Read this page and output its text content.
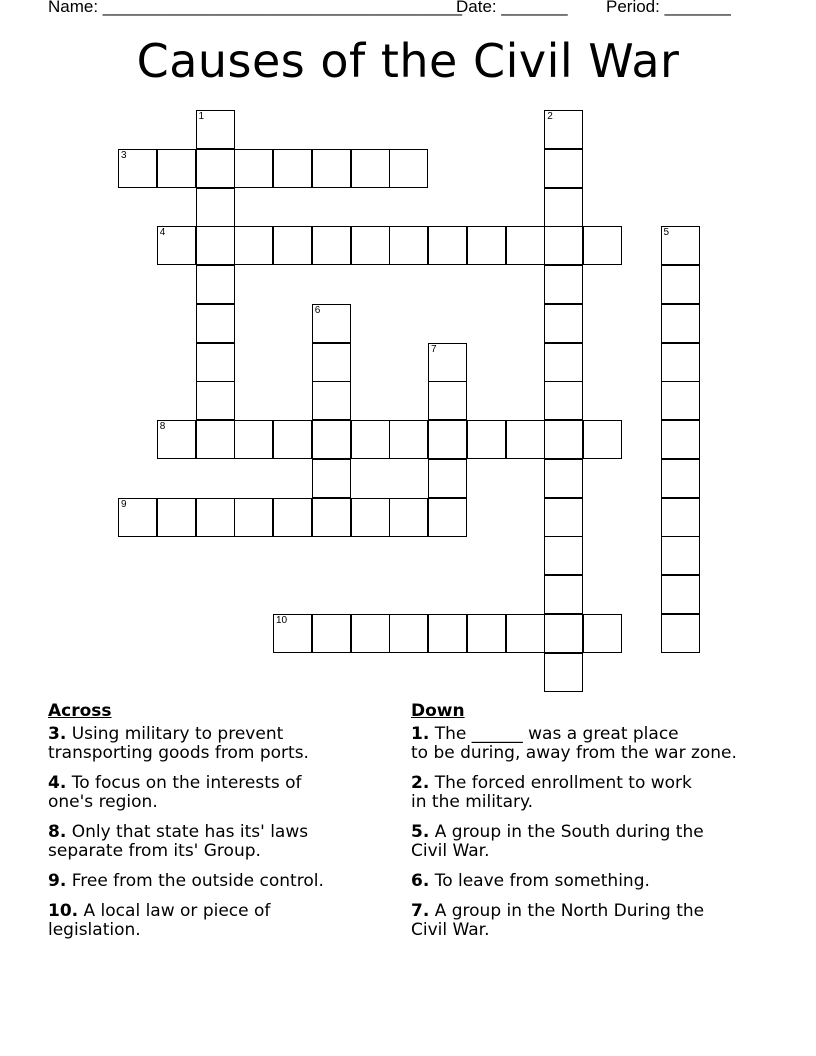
Name: ______________________________________
Date: _______ Period: _______
Causes of the Civil War
1	2
3
4	5
6
7
8
9
10
Across
3. Using military to prevent
transporting goods from ports.
4. To focus on the interests of
one's region.
8. Only that state has its' laws
separate from its' Group.
9. Free from the outside control.
10. A local law or piece of
legislation.
Down
1. The ______ was a great place
to be during, away from the war zone.
2. The forced enrollment to work
in the military.
5. A group in the South during the
Civil War.
6. To leave from something.
7. A group in the North During the
Civil War.
